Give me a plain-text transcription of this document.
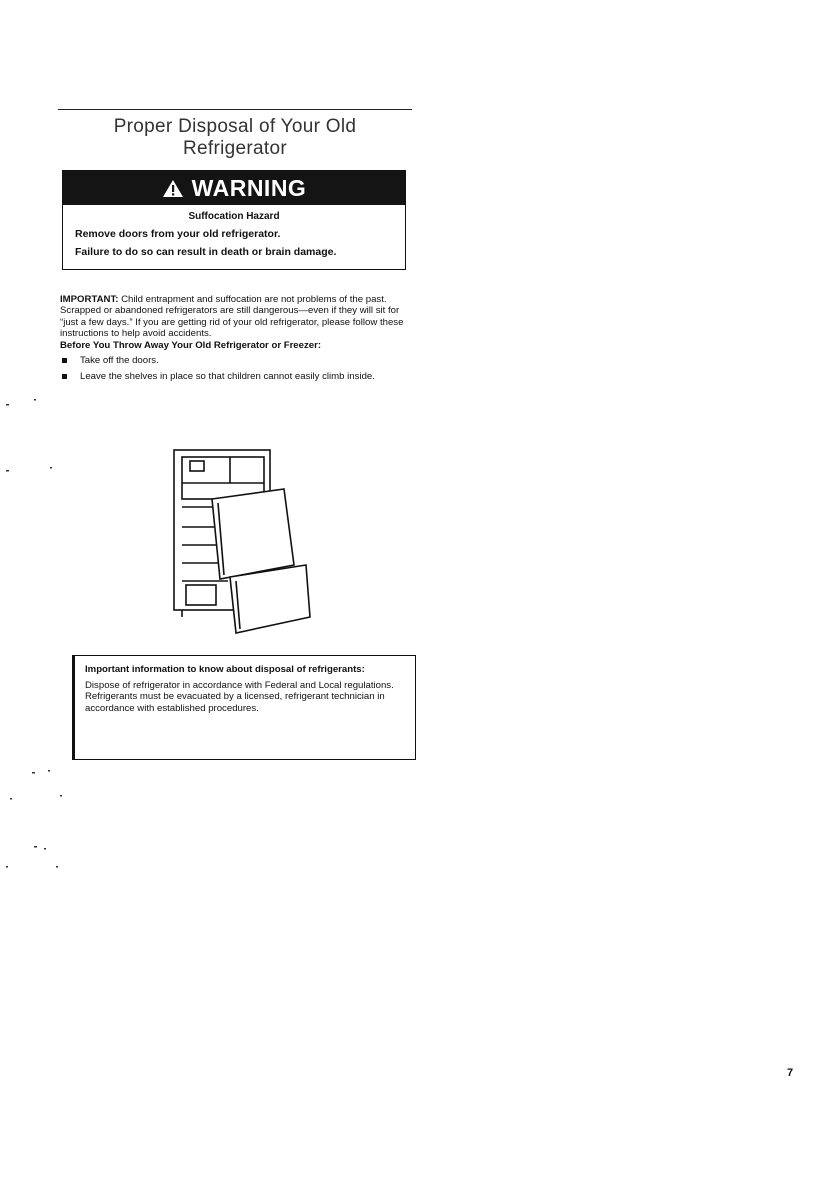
Proper Disposal of Your Old
Refrigerator
WARNING
Suffocation Hazard
Remove doors from your old refrigerator.
Failure to do so can result in death or brain damage.

IMPORTANT: Child entrapment and suffocation are not problems of the past. Scrapped or abandoned refrigerators are still dangerous—even if they will sit for “just a few days.” If you are getting rid of your old refrigerator, please follow these instructions to help avoid accidents.

Before You Throw Away Your Old Refrigerator or Freezer:

Take off the doors.
Leave the shelves in place so that children cannot easily climb inside.

Important information to know about disposal of refrigerants:

Dispose of refrigerator in accordance with Federal and Local regulations. Refrigerants must be evacuated by a licensed, refrigerant technician in accordance with established procedures.

7
